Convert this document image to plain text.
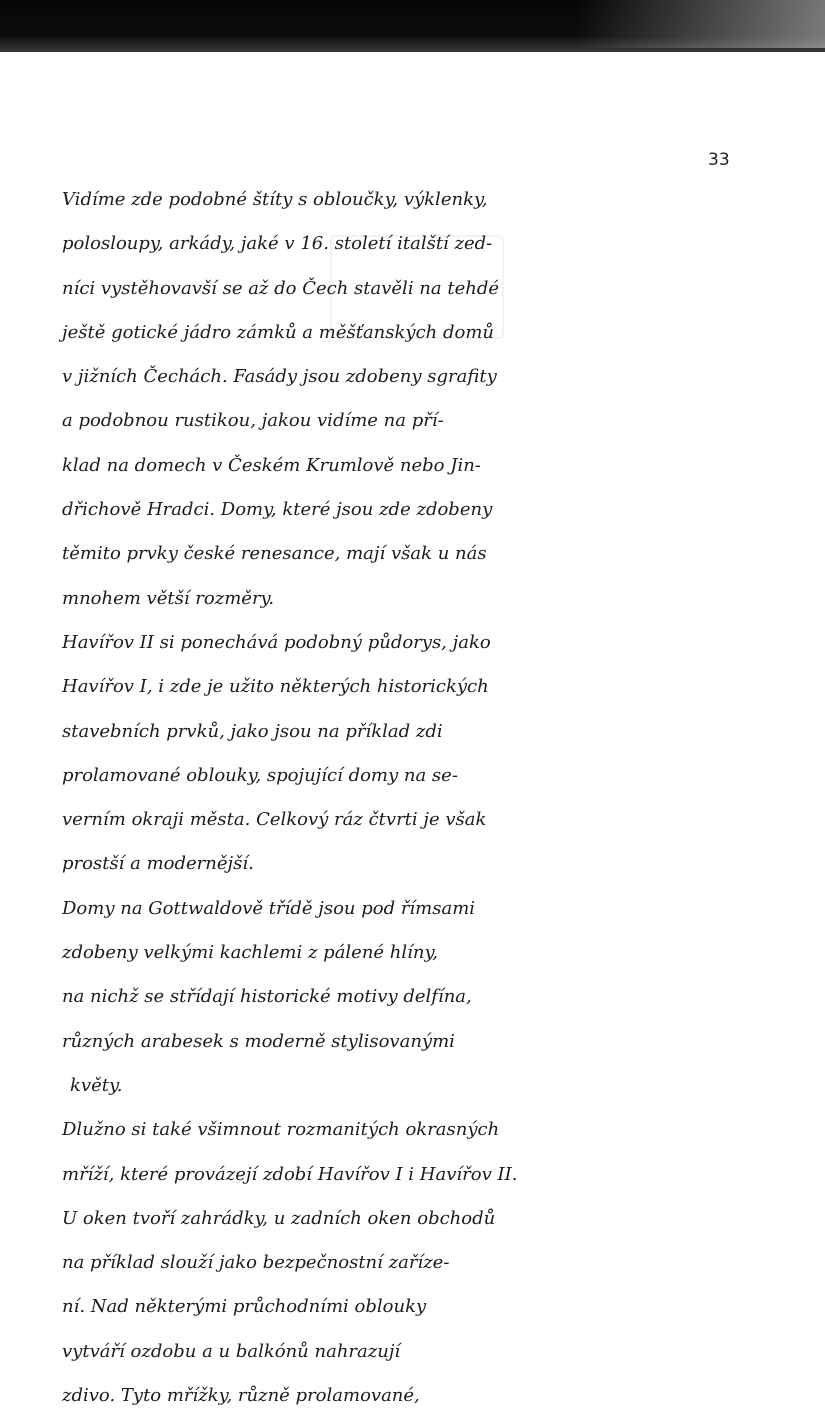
33
Vidíme zde podobné štíty s obloučky, výklenky,
polosloupy, arkády, jaké v 16. století italští zed-
níci vystěhovavší se až do Čech stavěli na tehdé
ještě gotické jádro zámků a měšťanských domů
v jižních Čechách. Fasády jsou zdobeny sgrafity
a podobnou rustikou, jakou vidíme na pří-
klad na domech v Českém Krumlově nebo Jin-
dřichově Hradci. Domy, které jsou zde zdobeny
těmito prvky české renesance, mají však u nás
mnohem větší rozměry.
Havířov II si ponechává podobný půdorys, jako
Havířov I, i zde je užito některých historických
stavebních prvků, jako jsou na příklad zdi
prolamované oblouky, spojující domy na se-
verním okraji města. Celkový ráz čtvrti je však
prostší a modernější.
Domy na Gottwaldově třídě jsou pod římsami
zdobeny velkými kachlemi z pálené hlíny,
na nichž se střídají historické motivy delfína,
různých arabesek s moderně stylisovanými
květy.
Dlužno si také všimnout rozmanitých okrasných
mříží, které provázejí zdobí Havířov I i Havířov II.
U oken tvoří zahrádky, u zadních oken obchodů
na příklad slouží jako bezpečnostní zaříze-
ní. Nad některými průchodními oblouky
vytváří ozdobu a u balkónů nahrazují
zdivo. Tyto mřížky, různě prolamované,
